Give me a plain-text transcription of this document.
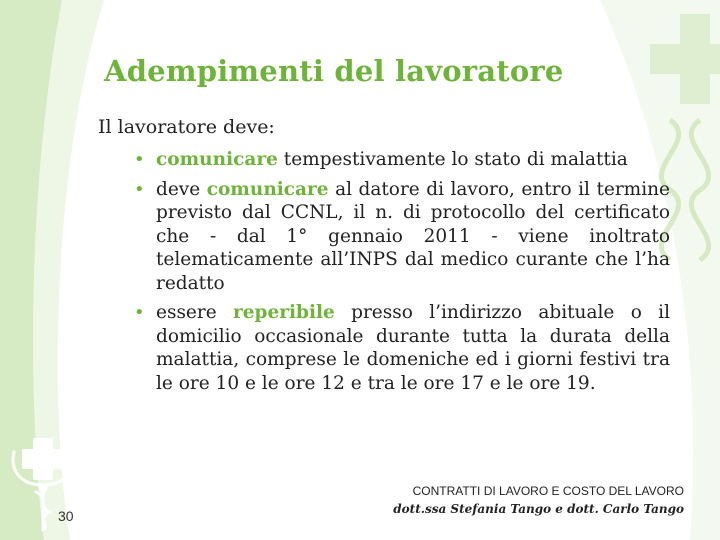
Adempimenti del lavoratore
Il lavoratore deve:
• comunicare tempestivamente lo stato di malattia
• deve comunicare al datore di lavoro, entro il termine previsto dal CCNL, il n. di protocollo del certificato che - dal 1° gennaio 2011 - viene inoltrato telematicamente all’INPS dal medico curante che l’ha redatto
• essere reperibile presso l’indirizzo abituale o il domicilio occasionale durante tutta la durata della malattia, comprese le domeniche ed i giorni festivi tra le ore 10 e le ore 12 e tra le ore 17 e le ore 19.
CONTRATTI DI LAVORO E COSTO DEL LAVORO
dott.ssa Stefania Tango e dott. Carlo Tango
30
